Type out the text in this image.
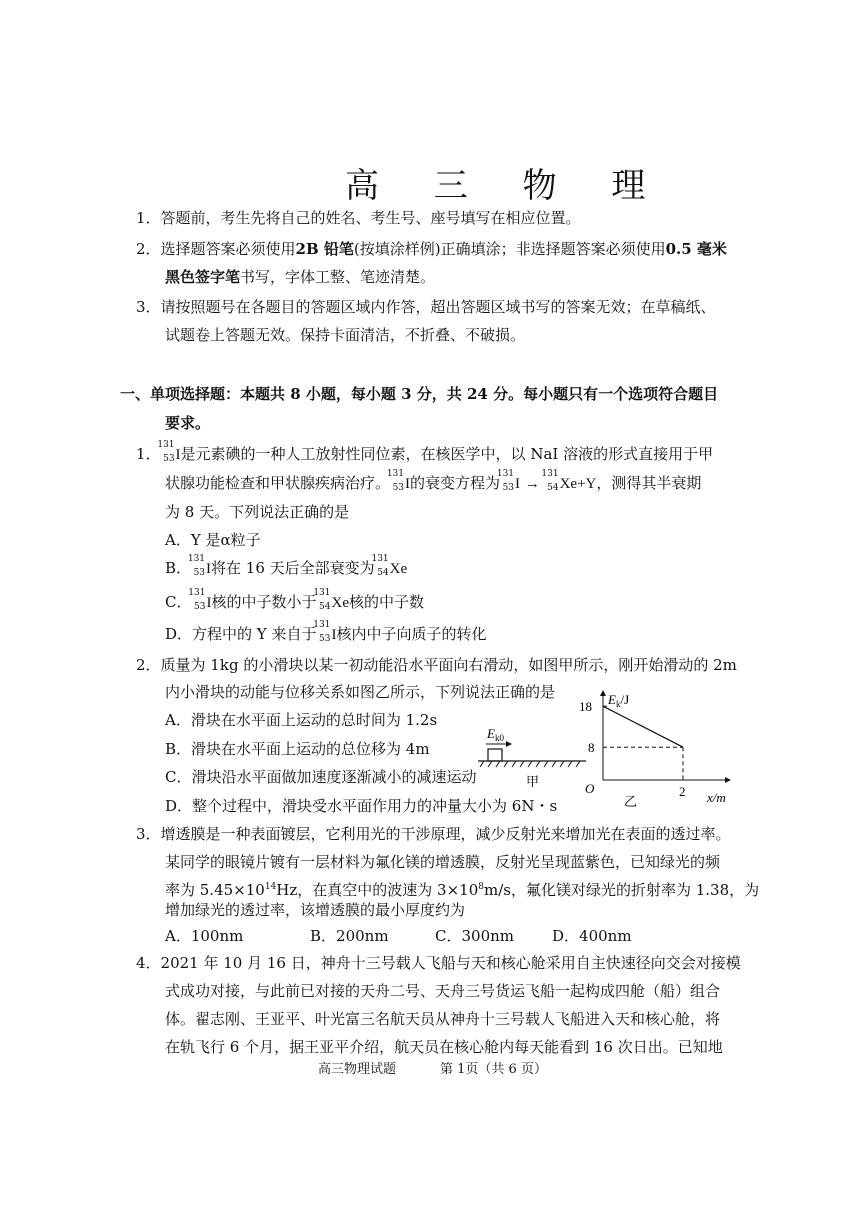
高 三 物 理
1．答题前，考生先将自己的姓名、考生号、座号填写在相应位置。
2．选择题答案必须使用2B 铅笔(按填涂样例)正确填涂；非选择题答案必须使用0.5 毫米
黑色签字笔书写，字体工整、笔迹清楚。
3．请按照题号在各题目的答题区域内作答，超出答题区域书写的答案无效；在草稿纸、
试题卷上答题无效。保持卡面清洁，不折叠、不破损。
一、单项选择题：本题共 8 小题，每小题 3 分，共 24 分。每小题只有一个选项符合题目
要求。
1．
131
53 I是元素碘的一种人工放射性同位素，在核医学中，以 NaI 溶液的形式直接用于甲
状腺功能检查和甲状腺疾病治疗。
131
53 I的衰变方程为
131
53 I →
131
54 Xe+Y，测得其半衰期
为 8 天。下列说法正确的是
A．Y 是α粒子
B．
131
53 I将在 16 天后全部衰变为
131
54 Xe
C．
131
53 I核的中子数小于
131
54 Xe核的中子数
D．方程中的 Y 来自于
131
53 I核内中子向质子的转化
2．质量为 1kg 的小滑块以某一初动能沿水平面向右滑动，如图甲所示，刚开始滑动的 2m
内小滑块的动能与位移关系如图乙所示，下列说法正确的是
A．滑块在水平面上运动的总时间为 1.2s
B．滑块在水平面上运动的总位移为 4m
C．滑块沿水平面做加速度逐渐减小的减速运动
D．整个过程中，滑块受水平面作用力的冲量大小为 6N・s
$E_{k0}$
甲
$E_k/J$
O
x/m
乙
18
8
2
3．增透膜是一种表面镀层，它利用光的干涉原理，减少反射光来增加光在表面的透过率。
某同学的眼镜片镀有一层材料为氟化镁的增透膜，反射光呈现蓝紫色，已知绿光的频
率为 $5.45\times 10^{14}Hz$，在真空中的波速为 $3\times 10^8m/s$，氟化镁对绿光的折射率为 1.38，为
增加绿光的透过率，该增透膜的最小厚度约为
A．100nm	B．200nm	C．300nm	D．400nm
4．2021 年 10 月 16 日，神舟十三号载人飞船与天和核心舱采用自主快速径向交会对接模
式成功对接，与此前已对接的天舟二号、天舟三号货运飞船一起构成四舱（船）组合
体。翟志刚、王亚平、叶光富三名航天员从神舟十三号载人飞船进入天和核心舱，将
在轨飞行 6 个月，据王亚平介绍，航天员在核心舱内每天能看到 16 次日出。已知地
高三物理试题	第 1页（共 6 页）
